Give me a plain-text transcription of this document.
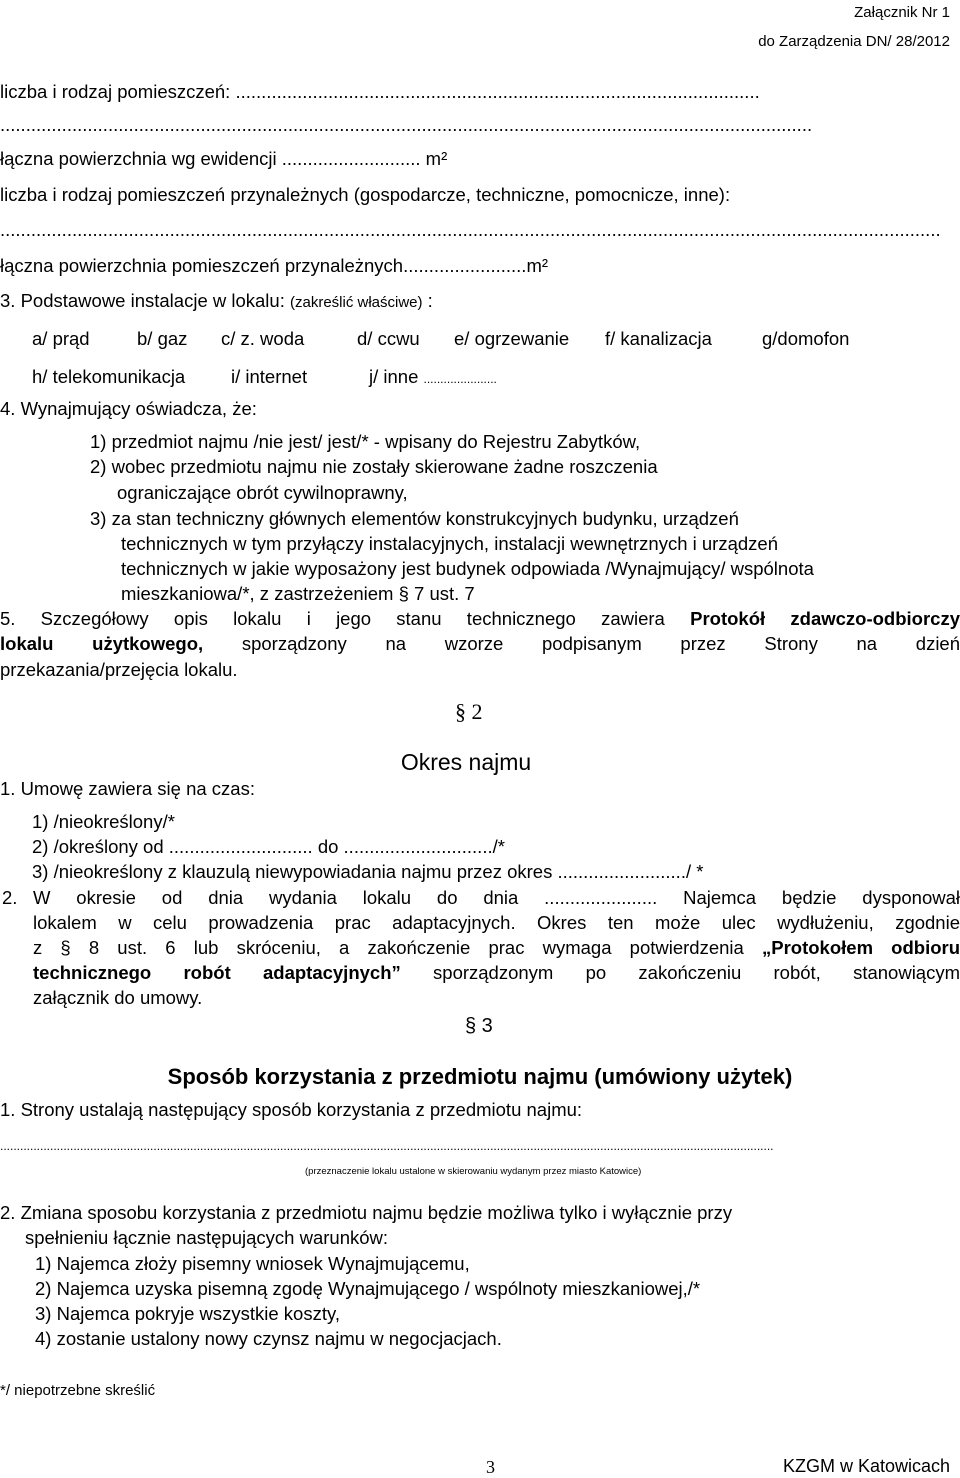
Załącznik Nr 1
do Zarządzenia DN/ 28/2012
liczba i rodzaj pomieszczeń: ......................................................................................................
..............................................................................................................................................................
łączna powierzchnia wg ewidencji ........................... m²
liczba i rodzaj pomieszczeń przynależnych (gospodarcze, techniczne, pomocnicze, inne):
.......................................................................................................................................................................................
łączna powierzchnia pomieszczeń przynależnych........................m²
3. Podstawowe instalacje w lokalu: (zakreślić właściwe) :
a/ prąd	b/ gaz c/ z. woda	d/ ccwu e/ ogrzewanie f/ kanalizacja	g/domofon
h/ telekomunikacja i/ internet	j/ inne ......................
4. Wynajmujący oświadcza, że:
1) przedmiot najmu /nie jest/ jest/* - wpisany do Rejestru Zabytków,
2) wobec przedmiotu najmu nie zostały skierowane żadne roszczenia
ograniczające obrót cywilnoprawny,
3) za stan techniczny głównych elementów konstrukcyjnych budynku, urządzeń
technicznych w tym przyłączy instalacyjnych, instalacji wewnętrznych i urządzeń
technicznych w jakie wyposażony jest budynek odpowiada /Wynajmujący/ wspólnota
mieszkaniowa/*, z zastrzeżeniem § 7 ust. 7
5. Szczegółowy opis lokalu i jego stanu technicznego zawiera Protokół zdawczo-odbiorczy
lokalu użytkowego, sporządzony na wzorze podpisanym przez Strony na dzień
przekazania/przejęcia lokalu.
§ 2
Okres najmu
1. Umowę zawiera się na czas:
1) /nieokreślony/*
2) /określony od ............................ do ............................./*
3) /nieokreślony z klauzulą niewypowiadania najmu przez okres ........................./ *
2. W okresie od dnia wydania lokalu do dnia ...................... Najemca będzie dysponował
lokalem w celu prowadzenia prac adaptacyjnych. Okres ten może ulec wydłużeniu, zgodnie
z § 8 ust. 6 lub skróceniu, a zakończenie prac wymaga potwierdzenia „Protokołem odbioru
technicznego robót adaptacyjnych” sporządzonym po zakończeniu robót, stanowiącym
załącznik do umowy.
§ 3
Sposób korzystania z przedmiotu najmu (umówiony użytek)
1. Strony ustalają następujący sposób korzystania z przedmiotu najmu:
........................................................................................................................................................................................................................................
(przeznaczenie lokalu ustalone w skierowaniu wydanym przez miasto Katowice)
2. Zmiana sposobu korzystania z przedmiotu najmu będzie możliwa tylko i wyłącznie przy
spełnieniu łącznie następujących warunków:
1) Najemca złoży pisemny wniosek Wynajmującemu,
2) Najemca uzyska pisemną zgodę Wynajmującego / wspólnoty mieszkaniowej,/*
3) Najemca pokryje wszystkie koszty,
4) zostanie ustalony nowy czynsz najmu w negocjacjach.
*/ niepotrzebne skreślić
3	KZGM w Katowicach
